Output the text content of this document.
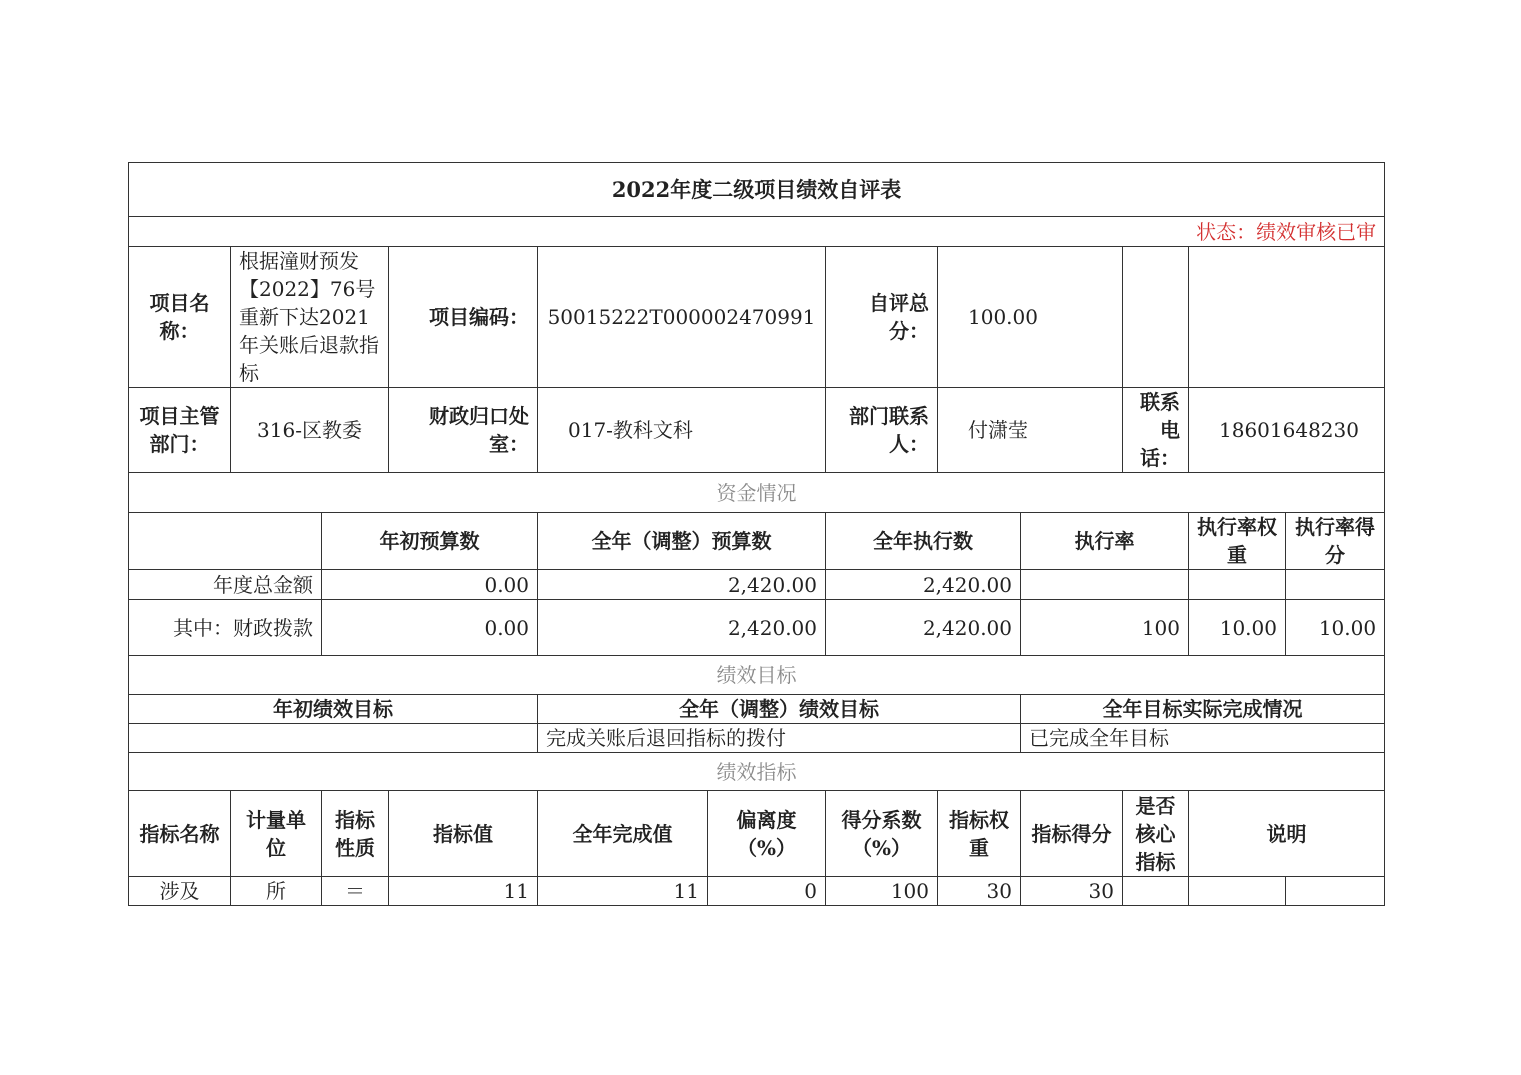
2022年度二级项目绩效自评表											
状态：绩效审核已审											
项目名称：	根据潼财预发【2022】76号重新下达2021年关账后退款指标		项目编码：	50015222T000002470991		自评总分：	100.00				
项目主管部门：	316-区教委		财政归口处室：	017-教科文科		部门联系人：	付潇莹		联系电话：	18601648230	
资金情况											
		年初预算数		全年（调整）预算数		全年执行数		执行率		执行率权重	执行率得分
年度总金额		0.00		2,420.00		2,420.00					
其中：财政拨款		0.00		2,420.00		2,420.00		100		10.00	10.00
绩效目标											
年初绩效目标				全年（调整）绩效目标				全年目标实际完成情况			
				完成关账后退回指标的拨付				已完成全年目标			
绩效指标											
指标名称	计量单位	指标性质	指标值	全年完成值	偏离度（%）	得分系数（%）	指标权重	指标得分	是否核心指标	说明	
涉及	所	＝	11	11	0	100	30	30			
